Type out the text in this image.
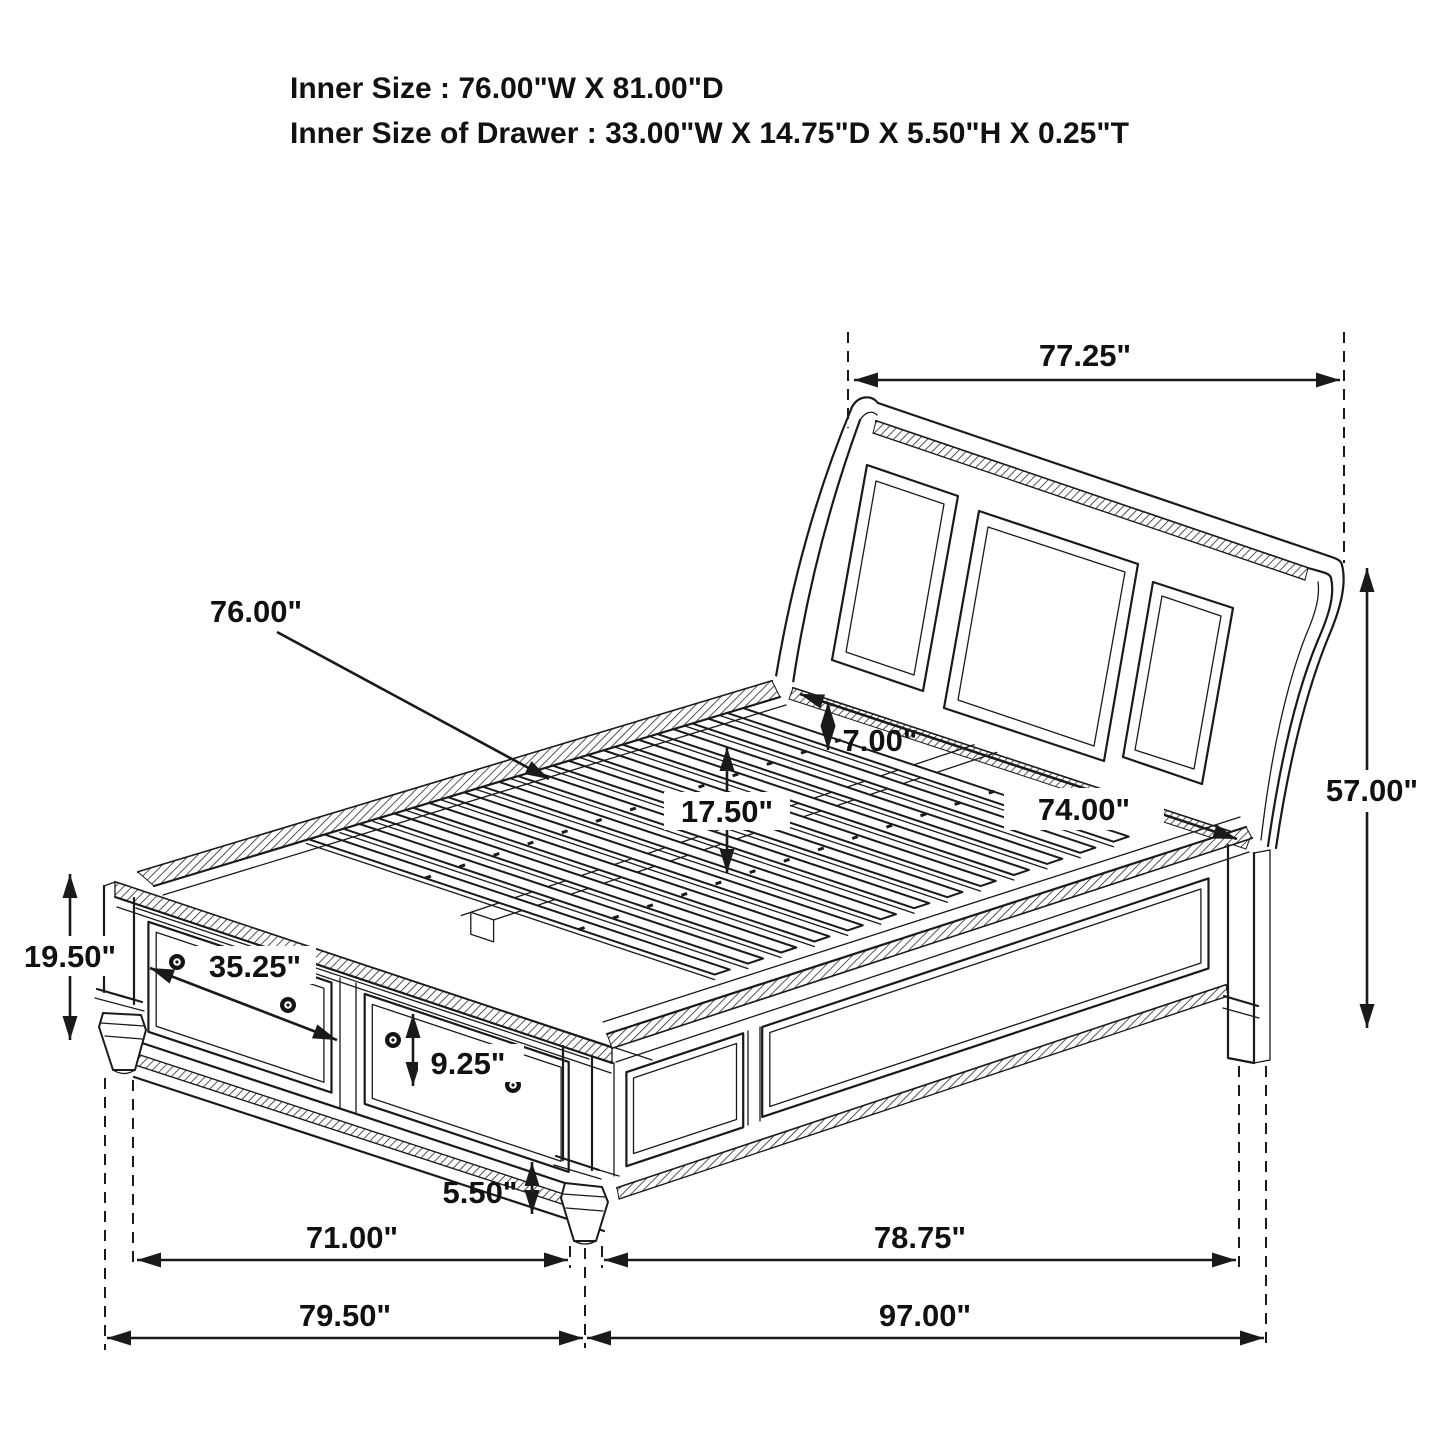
Inner Size : 76.00"W X 81.00"D
Inner Size of Drawer : 33.00"W X 14.75"D X 5.50"H X 0.25"T
77.25"
57.00"
76.00"
7.00"
17.50"	74.00"
19.50"	35.25"
9.25"
5.50"
71.00"	78.75"
79.50"	97.00"
